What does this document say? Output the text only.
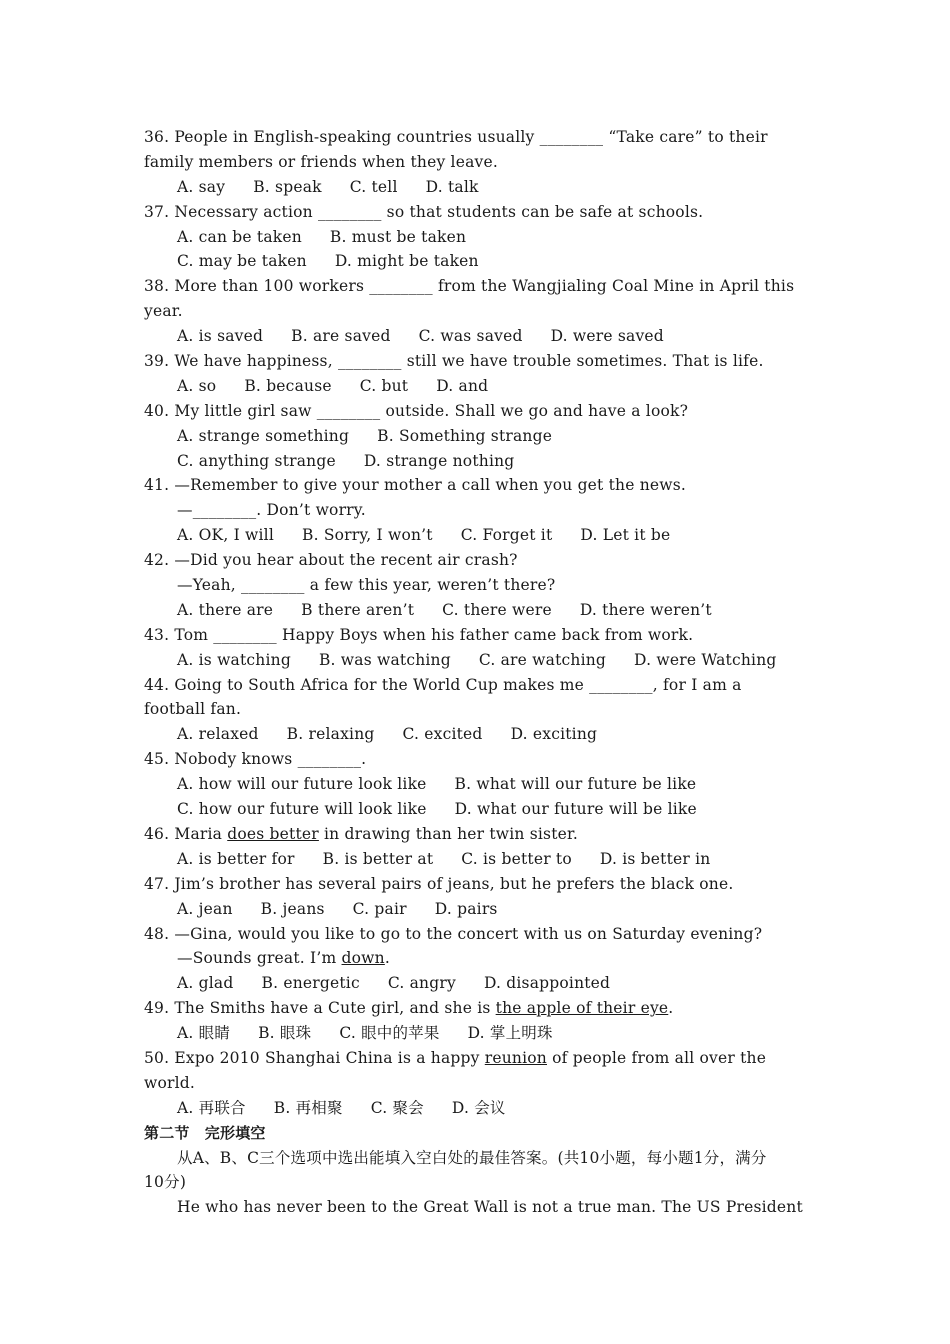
36. People in English-speaking countries usually ________ “Take care” to their
family members or friends when they leave.
A. say B. speak C. tell D. talk
37. Necessary action ________ so that students can be safe at schools.
A. can be taken B. must be taken
C. may be taken D. might be taken
38. More than 100 workers ________ from the Wangjialing Coal Mine in April this
year.
A. is saved B. are saved C. was saved D. were saved
39. We have happiness, ________ still we have trouble sometimes. That is life.
A. so B. because C. but D. and
40. My little girl saw ________ outside. Shall we go and have a look?
A. strange something B. Something strange
C. anything strange D. strange nothing
41. —Remember to give your mother a call when you get the news.
—________. Don’t worry.
A. OK, I will B. Sorry, I won’t C. Forget it D. Let it be
42. —Did you hear about the recent air crash?
—Yeah, ________ a few this year, weren’t there?
A. there are B there aren’t C. there were D. there weren’t
43. Tom ________ Happy Boys when his father came back from work.
A. is watching B. was watching C. are watching D. were Watching
44. Going to South Africa for the World Cup makes me ________, for I am a
football fan.
A. relaxed B. relaxing C. excited D. exciting
45. Nobody knows ________.
A. how will our future look like B. what will our future be like
C. how our future will look like D. what our future will be like
46. Maria does better in drawing than her twin sister.
A. is better for B. is better at C. is better to D. is better in
47. Jim’s brother has several pairs of jeans, but he prefers the black one.
A. jean B. jeans C. pair D. pairs
48. —Gina, would you like to go to the concert with us on Saturday evening?
—Sounds great. I’m down.
A. glad B. energetic C. angry D. disappointed
49. The Smiths have a Cute girl, and she is the apple of their eye.
A. 眼睛 B. 眼珠 C. 眼中的苹果 D. 掌上明珠
50. Expo 2010 Shanghai China is a happy reunion of people from all over the
world.
A. 再联合 B. 再相聚 C. 聚会 D. 会议
第二节　完形填空
从A、B、C三个选项中选出能填入空白处的最佳答案。(共10小题，每小题1分，满分
10分)
He who has never been to the Great Wall is not a true man. The US President
